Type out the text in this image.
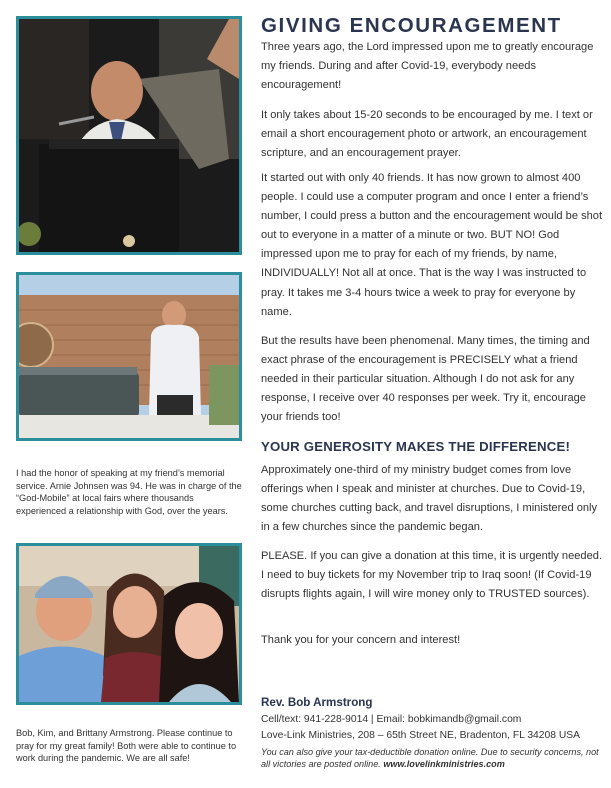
I had the honor of speaking at my friend’s memorial service. Arnie Johnsen was 94. He was in charge of the “God-Mobile” at local fairs where thousands experienced a relationship with God, over the years.

Bob, Kim, and Brittany Armstrong. Please continue to pray for my great family! Both were able to continue to work during the pandemic. We are all safe!

GIVING ENCOURAGEMENT

Three years ago, the Lord impressed upon me to greatly encourage my friends. During and after Covid-19, everybody needs encouragement!

It only takes about 15-20 seconds to be encouraged by me. I text or email a short encouragement photo or artwork, an encouragement scripture, and an encouragement prayer.

It started out with only 40 friends. It has now grown to almost 400 people. I could use a computer program and once I enter a friend’s number, I could press a button and the encouragement would be shot out to everyone in a matter of a minute or two. BUT NO! God impressed upon me to pray for each of my friends, by name, INDIVIDUALLY! Not all at once. That is the way I was instructed to pray. It takes me 3-4 hours twice a week to pray for everyone by name.

But the results have been phenomenal. Many times, the timing and exact phrase of the encouragement is PRECISELY what a friend needed in their particular situation. Although I do not ask for any response, I receive over 40 responses per week. Try it, encourage your friends too!

YOUR GENEROSITY MAKES THE DIFFERENCE!

Approximately one-third of my ministry budget comes from love offerings when I speak and minister at churches. Due to Covid-19, some churches cutting back, and travel disruptions, I ministered only in a few churches since the pandemic began.

PLEASE. If you can give a donation at this time, it is urgently needed. I need to buy tickets for my November trip to Iraq soon! (If Covid-19 disrupts flights again, I will wire money only to TRUSTED sources).

Thank you for your concern and interest!

Rev. Bob Armstrong

Cell/text: 941-228-9014 | Email: bobkimandb@gmail.com

Love-Link Ministries, 208 – 65th Street NE, Bradenton, FL 34208 USA

You can also give your tax-deductible donation online. Due to security concerns, not all victories are posted online. www.lovelinkministries.com
